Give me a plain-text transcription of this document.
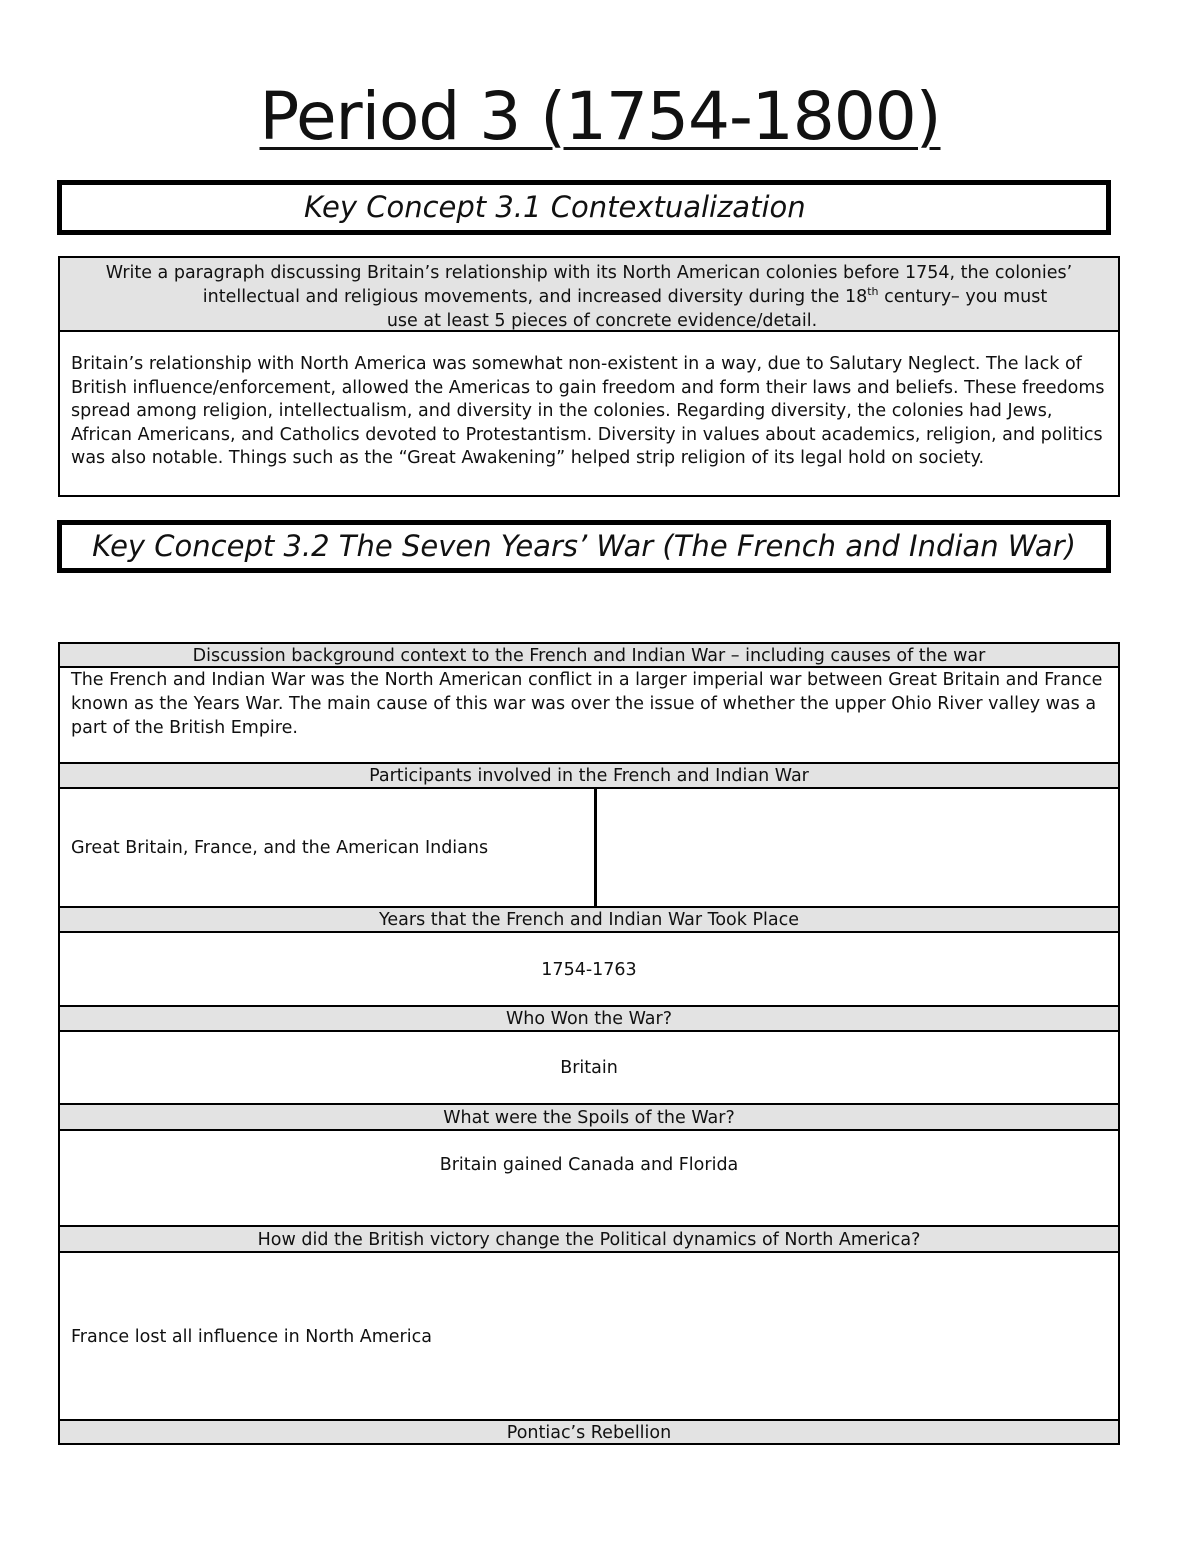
Period 3 (1754-1800)
Key Concept 3.1 Contextualization
Write a paragraph discussing Britain’s relationship with its North American colonies before 1754, the colonies’
intellectual and religious movements, and increased diversity during the 18th century– you must
use at least 5 pieces of concrete evidence/detail.
Britain’s relationship with North America was somewhat non-existent in a way, due to Salutary Neglect. The lack of British influence/enforcement, allowed the Americas to gain freedom and form their laws and beliefs. These freedoms spread among religion, intellectualism, and diversity in the colonies. Regarding diversity, the colonies had Jews, African Americans, and Catholics devoted to Protestantism. Diversity in values about academics, religion, and politics was also notable. Things such as the “Great Awakening” helped strip religion of its legal hold on society.
Key Concept 3.2 The Seven Years’ War (The French and Indian War)
Discussion background context to the French and Indian War – including causes of the war
The French and Indian War was the North American conflict in a larger imperial war between Great Britain and France known as the Years War. The main cause of this war was over the issue of whether the upper Ohio River valley was a part of the British Empire.
Participants involved in the French and Indian War
Great Britain, France, and the American Indians
Years that the French and Indian War Took Place
1754-1763
Who Won the War?
Britain
What were the Spoils of the War?
Britain gained Canada and Florida
How did the British victory change the Political dynamics of North America?
France lost all influence in North America
Pontiac’s Rebellion
